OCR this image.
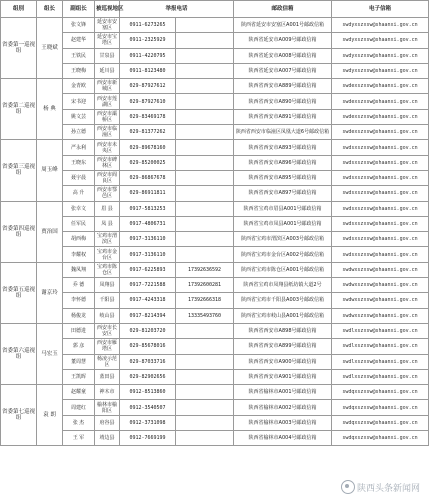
组别	组长	副组长	被巡视地区	举报电话		邮政信箱	电子信箱
省委第一巡视组	王晓斌	张文锋	延安市安塞区	0911-6273265		陕西省延安市安塞区A001号邮政信箱	swdyxszxsw@shaanxi.gov.cn
		赵建华	延安市宝塔区	0911-2325929		陕西省延安市A009号邮政信箱	swdyxszxsw@shaanxi.gov.cn
		王铁民	甘泉县	0911-4220795		陕西省延安市A008号邮政信箱	swdyxszxsw@shaanxi.gov.cn
		王晓梅	延川县	0911-8123480		陕西省延安市A007号邮政信箱	swdyxszxsw@shaanxi.gov.cn
省委第二巡视组	杨 典	金青欧	西安市新城区	029-87927612		陕西省西安市A889号邮政信箱	swdexszxsw@shaanxi.gov.cn
		宋书迎	西安市莲湖区	029-87927610		陕西省西安市A890号邮政信箱	swdexszxsw@shaanxi.gov.cn
		姚文芸	西安市灞桥区	029-83469178		陕西省西安市A891号邮政信箱	swdexszxsw@shaanxi.gov.cn
		孙立德	西安市临潼区	029-81377262		陕西省西安市临潼区凤凰大道6号邮政信箱	swdexszxsw@shaanxi.gov.cn
省委第三巡视组	周玉峰	严永利	西安市未央区	029-89678160		陕西省西安市A893号邮政信箱	swdsxszxsw@shaanxi.gov.cn
		王晓东	西安市碑林区	029-85200025		陕西省西安市A896号邮政信箱	swdsxszxsw@shaanxi.gov.cn
		聂宇晨	西安市阎良区	029-86867678		陕西省西安市A895号邮政信箱	swdsxszxsw@shaanxi.gov.cn
		高 升	西安市鄠邑区	029-86911811		陕西省西安市A897号邮政信箱	swdsxszxsw@shaanxi.gov.cn
省委第四巡视组	贾治国	张幸文	眉 县	0917-5813253		陕西省宝鸡市眉县A001号邮政信箱	swdsxszxsw@shaanxi.gov.cn
		任军民	凤 县	0917-4806731		陕西省宝鸡市凤县A001号邮政信箱	swdsxszxsw@shaanxi.gov.cn
		胡西梅	宝鸡市渭滨区	0917-3136110		陕西省宝鸡市渭滨区A003号邮政信箱	swdsxszxsw@shaanxi.gov.cn
		李耀权	宝鸡市金台区	0917-3136110		陕西省宝鸡市金台区A002号邮政信箱	swdsxszxsw@shaanxi.gov.cn
省委第五巡视组	谢京玲	魏凤翔	宝鸡市陈仓区	0917-6225893	17392636592	陕西省宝鸡市陈仓区A001号邮政信箱	swdwxszxsw@shaanxi.gov.cn
		乔 德	凤翔县	0917-7221588	17392600281	陕西省宝鸡市凤翔县纸坊镇大道2号	swdwxszxsw@shaanxi.gov.cn
		李怀德	千阳县	0917-4243318	17392666318	陕西省宝鸡市千阳县A003号邮政信箱	swdwxszxsw@shaanxi.gov.cn
		杨俊龙	岐山县	0917-8214394	13335493760	陕西省宝鸡市岐山县A001号邮政信箱	swdwxszxsw@shaanxi.gov.cn
省委第六巡视组	马宏玉	田德进	西安市长安区	029-81203720		陕西省西安市A898号邮政信箱	swdlxszxsw@shaanxi.gov.cn
		郭 彦	西安市雁塔区	029-85678016		陕西省西安市A899号邮政信箱	swdlxszxsw@shaanxi.gov.cn
		董周慧	杨凌示范区	029-87033716		陕西省西安市A900号邮政信箱	swdlxszxsw@shaanxi.gov.cn
		王凯晖	蓝田县	029-82902656		陕西省西安市A901号邮政信箱	swdlxszxsw@shaanxi.gov.cn
省委第七巡视组	袁 朗	赵耀童	神木市	0912-8513860		陕西省榆林市A001号邮政信箱	swdqxszxsw@shaanxi.gov.cn
		周建红	榆林市榆阳区	0912-3540507		陕西省榆林市A002号邮政信箱	swdqxszxsw@shaanxi.gov.cn
		张 杰	府谷县	0912-3731098		陕西省榆林市A003号邮政信箱	swdqxszxsw@shaanxi.gov.cn
		王 军	靖边县	0912-7669199		陕西省榆林市A004号邮政信箱	swdqxszxsw@shaanxi.gov.cn
陕西头条新闻网
